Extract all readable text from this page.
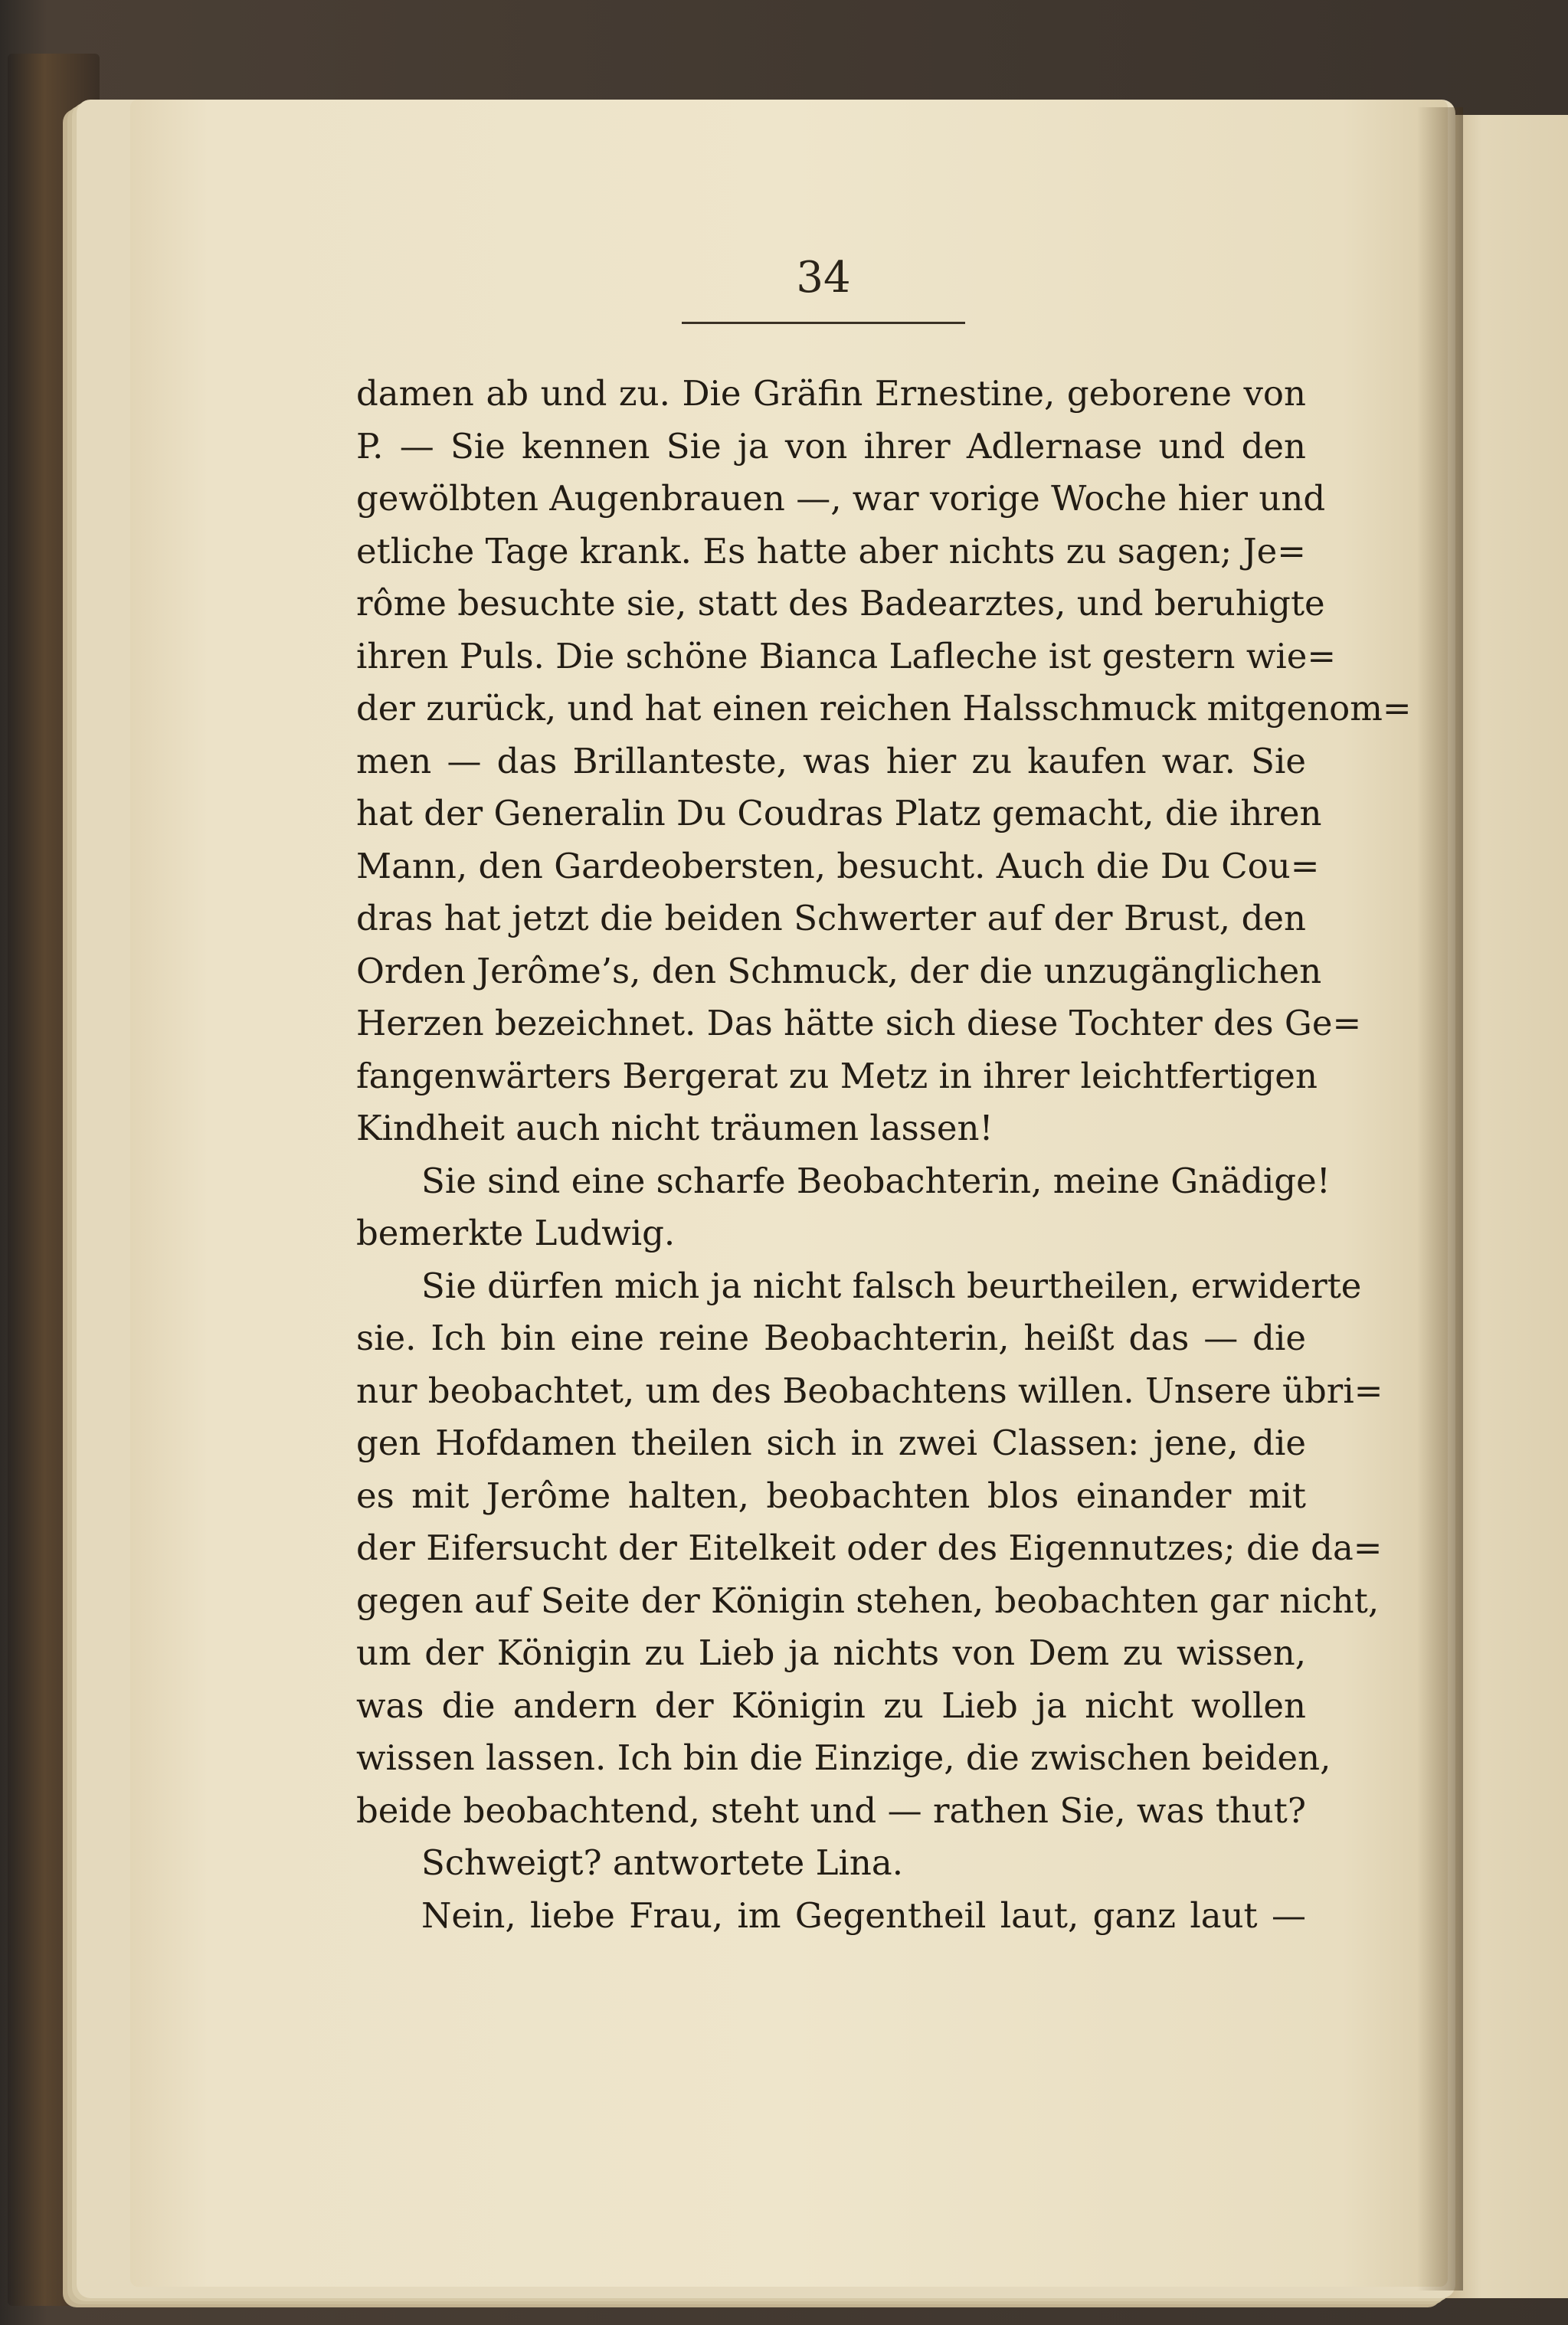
34
damen ab und zu. Die Gräfin Ernestine, geborene von
P. — Sie kennen Sie ja von ihrer Adlernase und den
gewölbten Augenbrauen —, war vorige Woche hier und
etliche Tage krank. Es hatte aber nichts zu sagen; Je=
rôme besuchte sie, statt des Badearztes, und beruhigte
ihren Puls. Die schöne Bianca Lafleche ist gestern wie=
der zurück, und hat einen reichen Halsschmuck mitgenom=
men — das Brillanteste, was hier zu kaufen war. Sie
hat der Generalin Du Coudras Platz gemacht, die ihren
Mann, den Gardeobersten, besucht. Auch die Du Cou=
dras hat jetzt die beiden Schwerter auf der Brust, den
Orden Jerôme’s, den Schmuck, der die unzugänglichen
Herzen bezeichnet. Das hätte sich diese Tochter des Ge=
fangenwärters Bergerat zu Metz in ihrer leichtfertigen
Kindheit auch nicht träumen lassen!
Sie sind eine scharfe Beobachterin, meine Gnädige!
bemerkte Ludwig.
Sie dürfen mich ja nicht falsch beurtheilen, erwiderte
sie. Ich bin eine reine Beobachterin, heißt das — die
nur beobachtet, um des Beobachtens willen. Unsere übri=
gen Hofdamen theilen sich in zwei Classen: jene, die
es mit Jerôme halten, beobachten blos einander mit
der Eifersucht der Eitelkeit oder des Eigennutzes; die da=
gegen auf Seite der Königin stehen, beobachten gar nicht,
um der Königin zu Lieb ja nichts von Dem zu wissen,
was die andern der Königin zu Lieb ja nicht wollen
wissen lassen. Ich bin die Einzige, die zwischen beiden,
beide beobachtend, steht und — rathen Sie, was thut?
Schweigt? antwortete Lina.
Nein, liebe Frau, im Gegentheil laut, ganz laut —
